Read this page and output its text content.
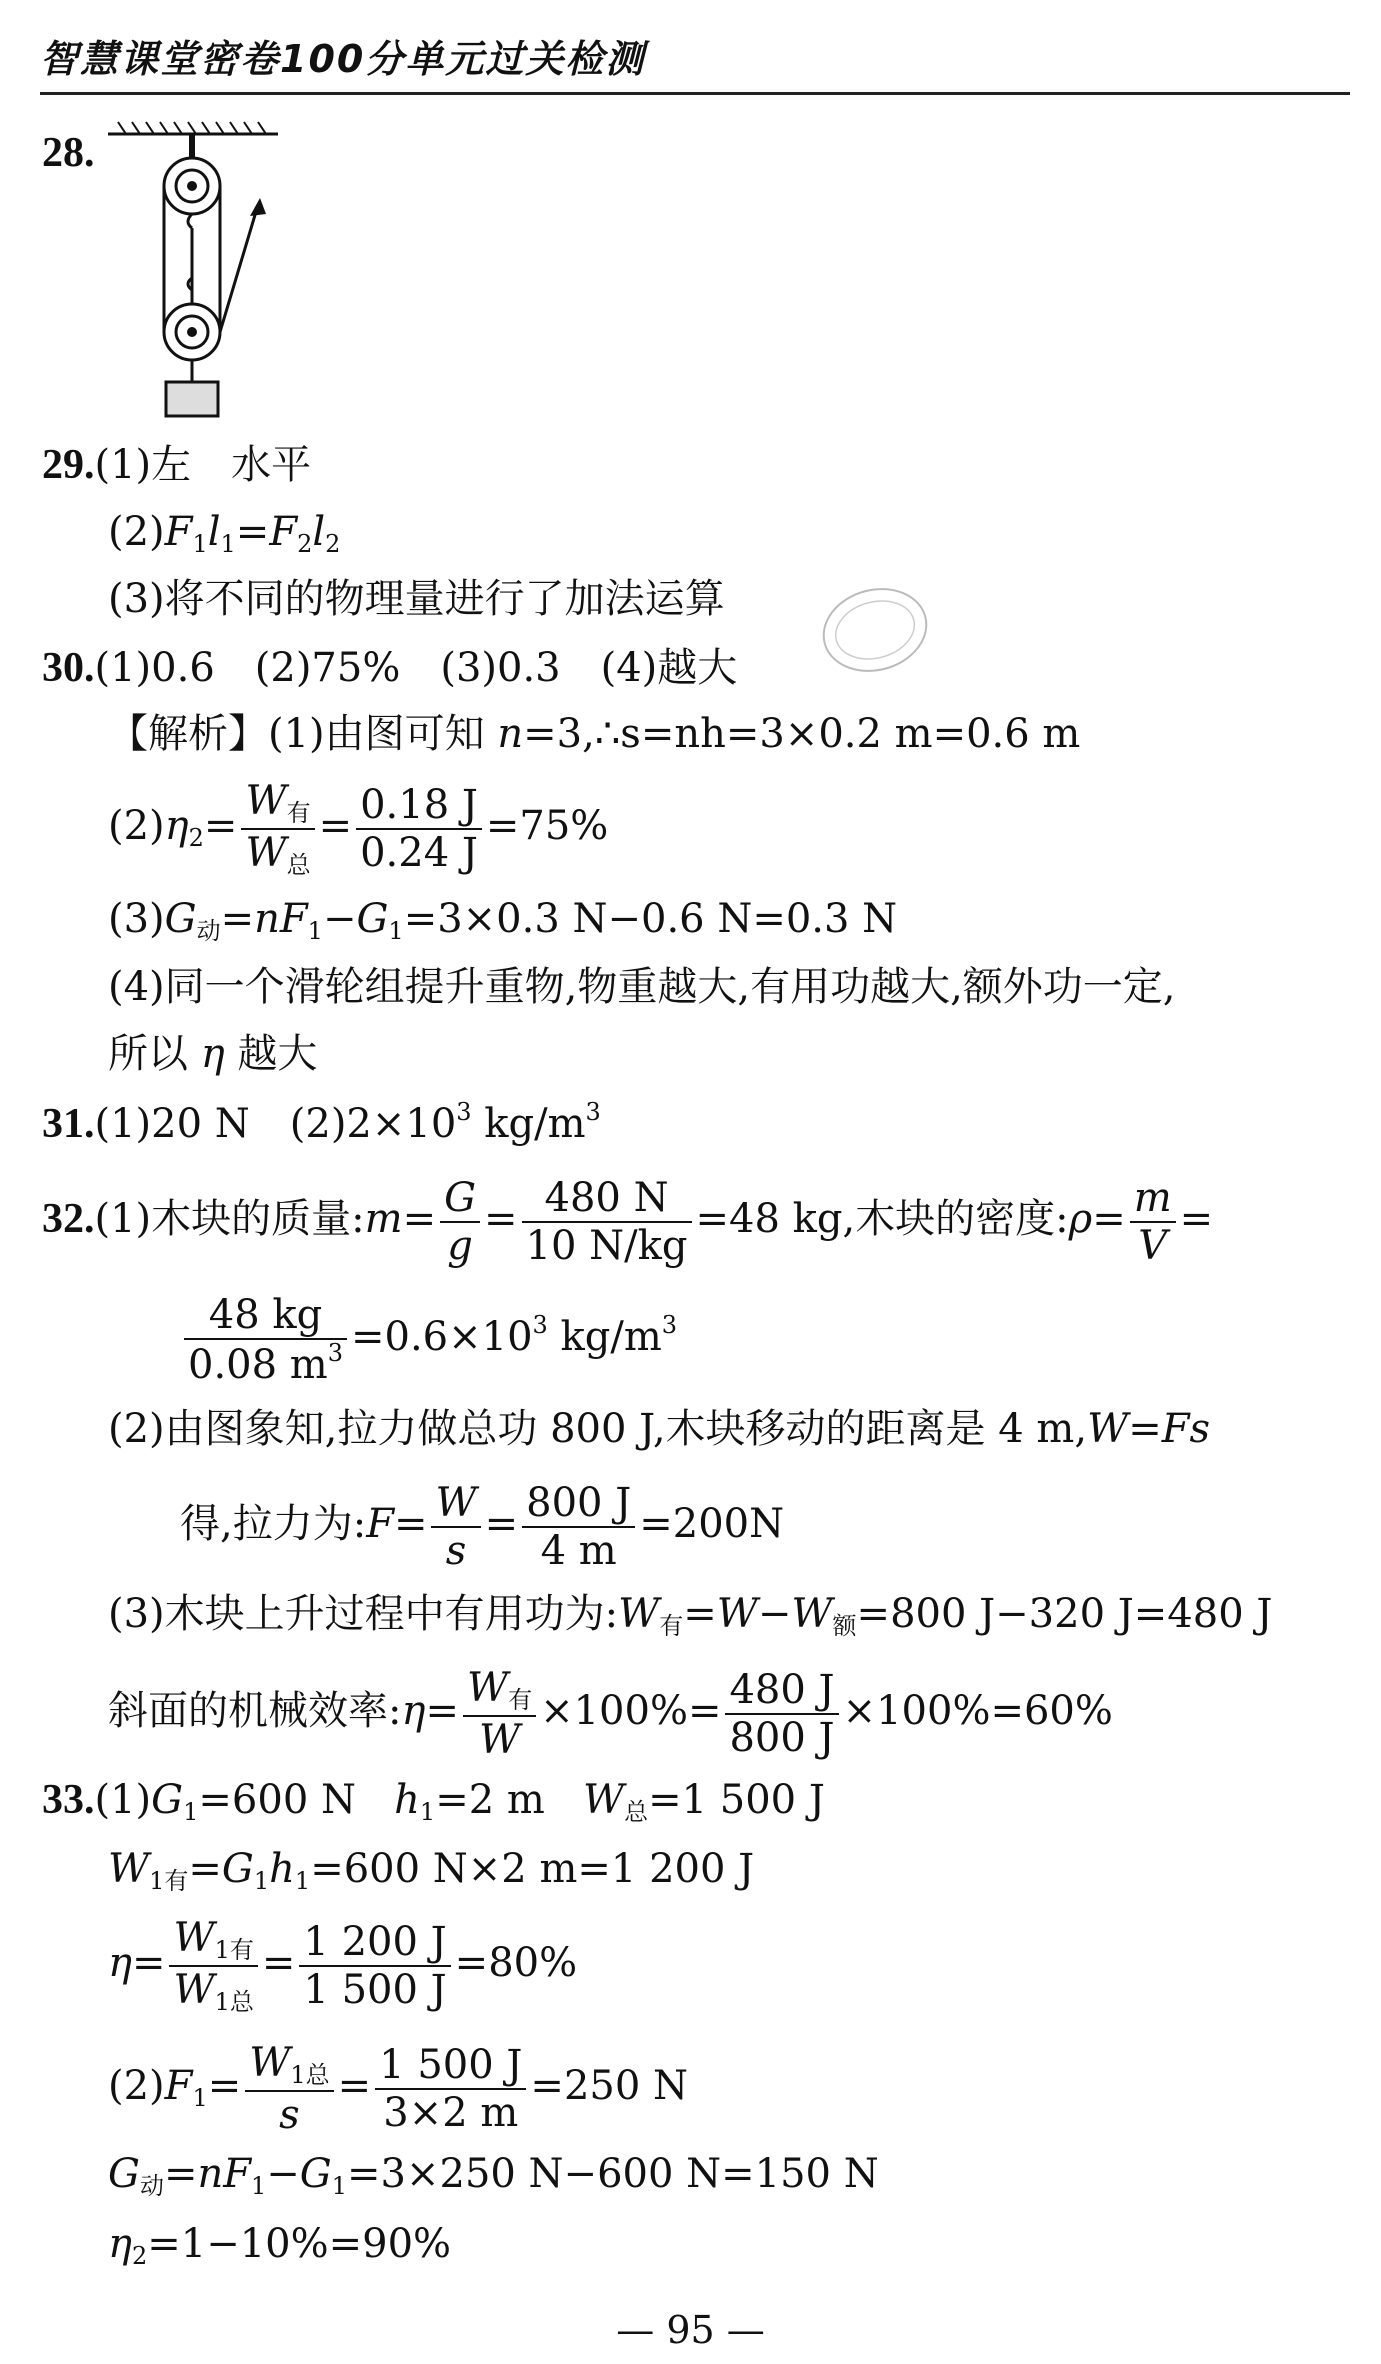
智慧课堂密卷100分单元过关检测
28.
29.(1)左　水平
$(2)F_1l_1=F_2l_2$
(3)将不同的物理量进行了加法运算
30.(1)0.6　(2)75%　(3)0.3　(4)越大
【解析】(1)由图可知 n=3,∴s=nh=3×0.2 m=0.6 m
$(2)\eta_2= \frac{W_有}{W_总} = \frac{0.18 J}{0.24 J} =75\%$
$(3)G_动=nF_1-G_1=3\times 0.3$ N−0.6 N=0.3 N
(4)同一个滑轮组提升重物,物重越大,有用功越大,额外功一定,
所以 η 越大
31.(1)20 N　$(2)2\times 10^3$ $kg/m^3$
32.(1)木块的质量:m= $\frac{G}{g} = \frac{480 N}{10 N/kg} =48$ kg,木块的密度:ρ= $\frac{m}{V}$ =
$\frac{48 kg}{0.08 m^3} =0.6\times 10^3$ $kg/m^3$
(2)由图象知,拉力做总功 800 J,木块移动的距离是 4 m,W=Fs
得,拉力为:F= $\frac{W}{s} = \frac{800 J}{4 m} =200N$
(3)木块上升过程中有用功为$:W_有=W-W_额=800$ J−320 J=480 J
斜面的机械效率:η= $\frac{W_有}{W} \times 100\%= \frac{480 J}{800 J} \times 100\%=60\%$
$33.(1)G_1=600$ N $h_1=2$ m $W_总=1$ 500 J
$W_{1有}=G_1h_1=600$ N×2 m=1 200 J
$\eta= \frac{W_{1有}}{W_{1总}} = \frac{1 200 J}{1 500 J} =80\%$
$(2)F_1= \frac{W_{1总}}{s} = \frac{1 500 J}{3\times 2 m} =250$ N
$G_动=nF_1-G_1=3\times 250$ N−600 N=150 N
$\eta_2=1-10\%=90\%$
— 95 —
